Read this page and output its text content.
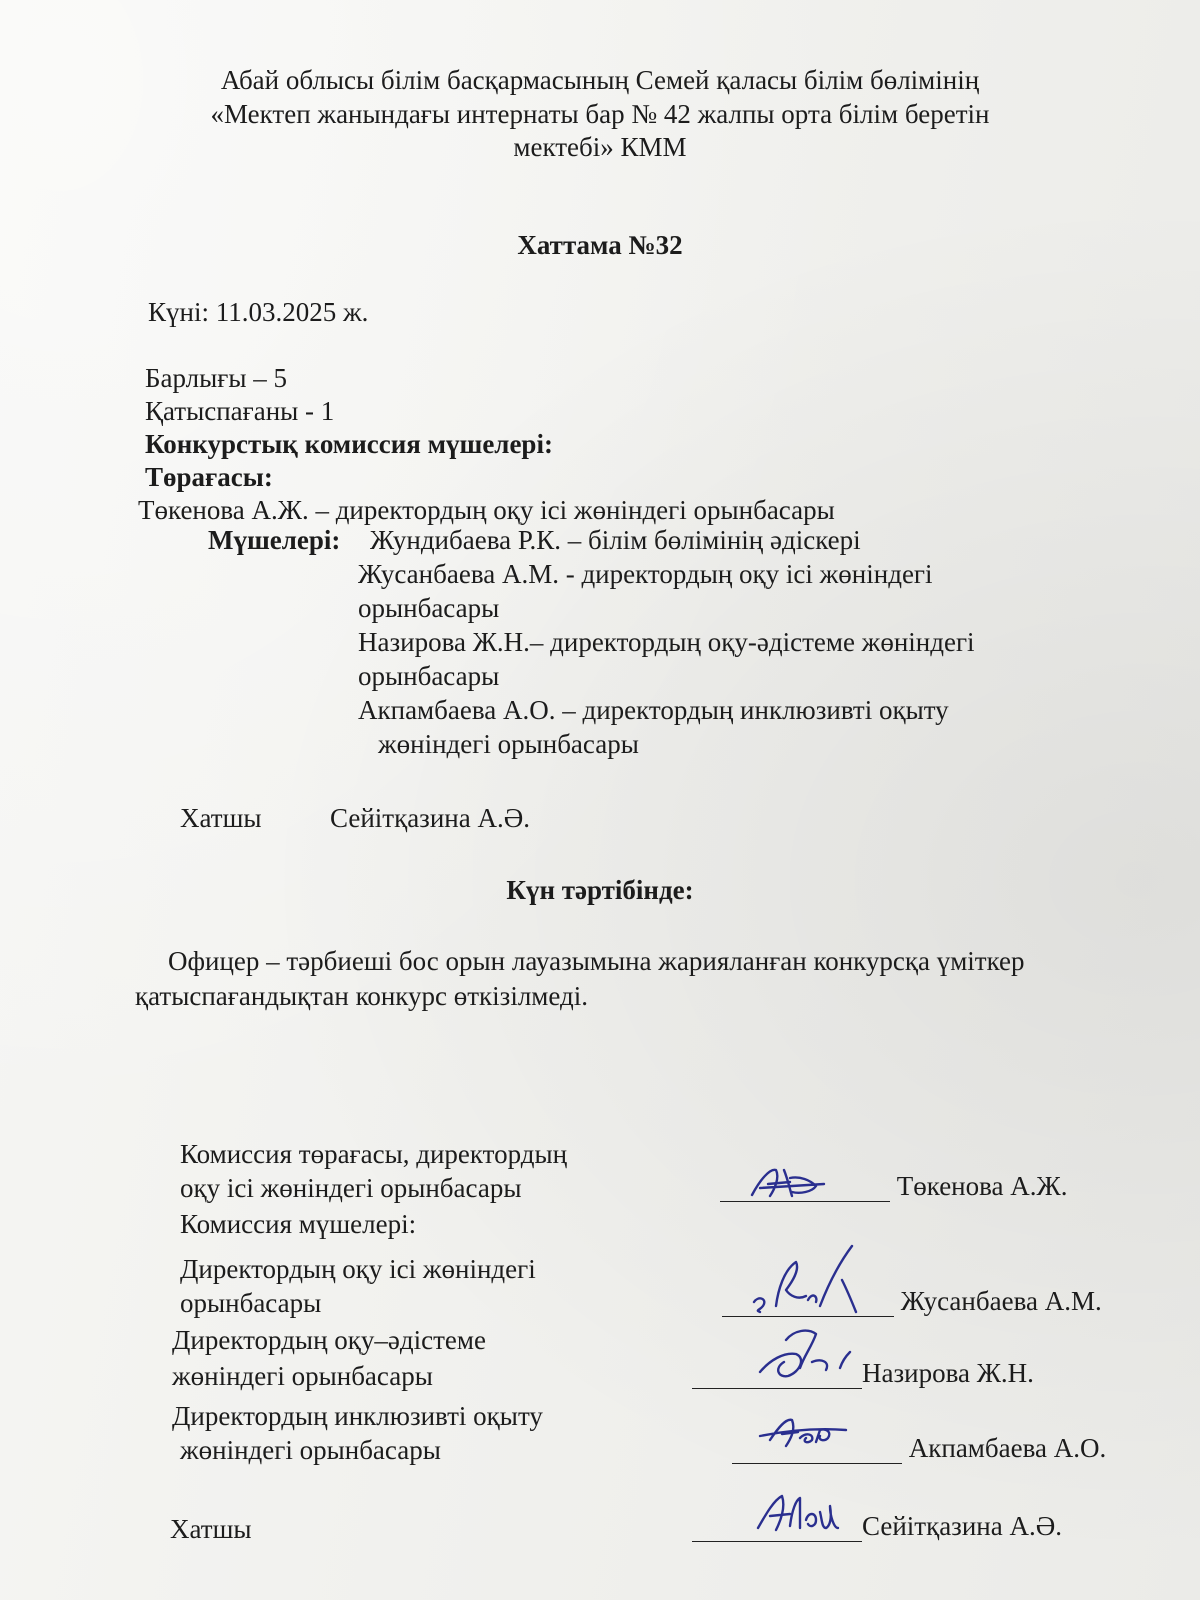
Абай облысы білім басқармасының Семей қаласы білім бөлімінің
«Мектеп жанындағы интернаты бар № 42 жалпы орта білім беретін
мектебі» КММ
Хаттама №32
Күні: 11.03.2025 ж.
Барлығы – 5
Қатыспағаны - 1
Конкурстық комиссия мүшелері:
Төрағасы:
Төкенова А.Ж. – директордың оқу ісі жөніндегі орынбасары
Мүшелері: Жундибаева Р.К. – білім бөлімінің әдіскері
Жусанбаева А.М. - директордың оқу ісі жөніндегі
орынбасары
Назирова Ж.Н.– директордың оқу-әдістеме жөніндегі
орынбасары
Акпамбаева А.О. – директордың инклюзивті оқыту
жөніндегі орынбасары
Хатшы	Сейітқазина А.Ә.
Күн тәртібінде:
Офицер – тәрбиеші бос орын лауазымына жарияланған конкурсқа үміткер
қатыспағандықтан конкурс өткізілмеді.
Комиссия төрағасы, директордың
оқу ісі жөніндегі орынбасары	Төкенова А.Ж.
Комиссия мүшелері:
Директордың оқу ісі жөніндегі
орынбасары	Жусанбаева А.М.
Директордың оқу–әдістеме
жөніндегі орынбасары	Назирова Ж.Н.
Директордың инклюзивті оқыту
жөніндегі орынбасары	Акпамбаева А.О.
Хатшы	Сейітқазина А.Ә.
